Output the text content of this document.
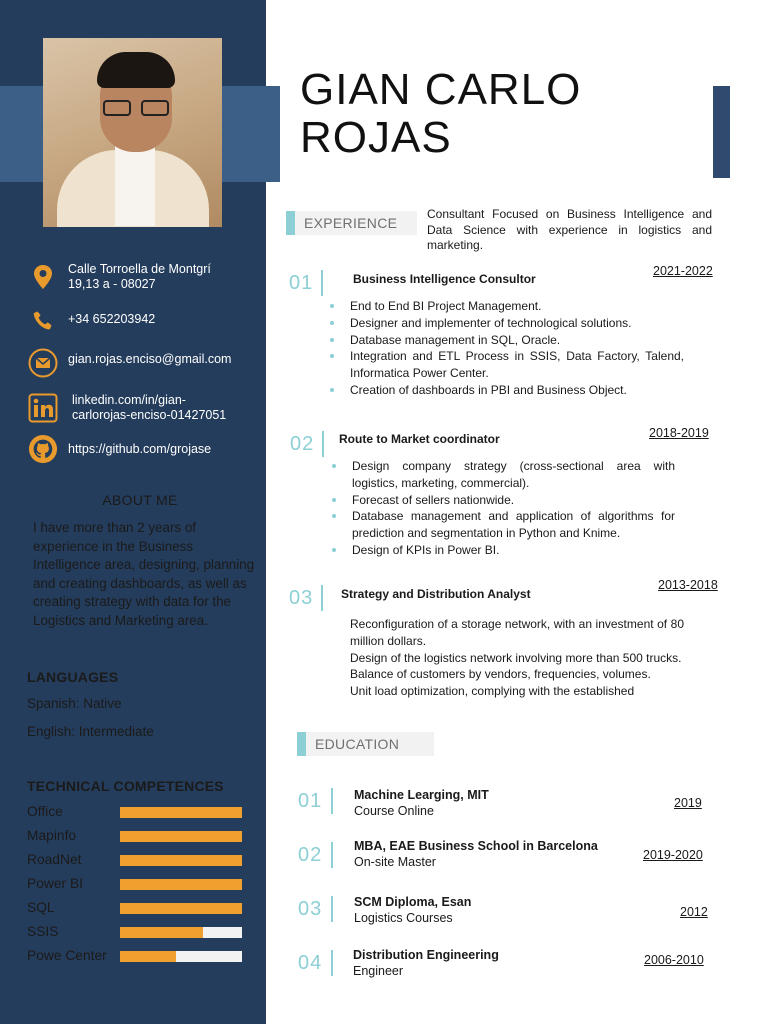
Calle Torroella de Montgrí
19,13 a - 08027
+34 652203942
gian.rojas.enciso@gmail.com
linkedin.com/in/gian-
carlorojas-enciso-01427051
https://github.com/grojase
ABOUT ME
I have more than 2 years of experience in the Business Intelligence area, designing, planning and creating dashboards, as well as creating strategy with data for the Logistics and Marketing area.
LANGUAGES
Spanish: Native
English: Intermediate
TECHNICAL COMPETENCES
Office
Mapinfo
RoadNet
Power BI
SQL
SSIS
Powe Center
GIAN CARLO
ROJAS
EXPERIENCE
Consultant Focused on Business Intelligence and Data Science with experience in logistics and marketing.
01	Business Intelligence Consultor
2021-2022
End to End BI Project Management.
Designer and implementer of technological solutions.
Database management in SQL, Oracle.
Integration and ETL Process in SSIS, Data Factory, Talend, Informatica Power Center.
Creation of dashboards in PBI and Business Object.
02 Route to Market coordinator	2018-2019
Design company strategy (cross-sectional area with logistics, marketing, commercial).
Forecast of sellers nationwide.
Database management and application of algorithms for prediction and segmentation in Python and Knime.
Design of KPIs in Power BI.
03 Strategy and Distribution Analyst
2013-2018
Reconfiguration of a storage network, with an investment of 80 million dollars.
Design of the logistics network involving more than 500 trucks.
Balance of customers by vendors, frequencies, volumes.
Unit load optimization, complying with the established
EDUCATION
01	Machine Learging, MIT
Course Online
2019
02	MBA, EAE Business School in Barcelona
On-site Master	2019-2020
03	SCM Diploma, Esan
Logistics Courses	2012
04 Distribution Engineering
Engineer
2006-2010
